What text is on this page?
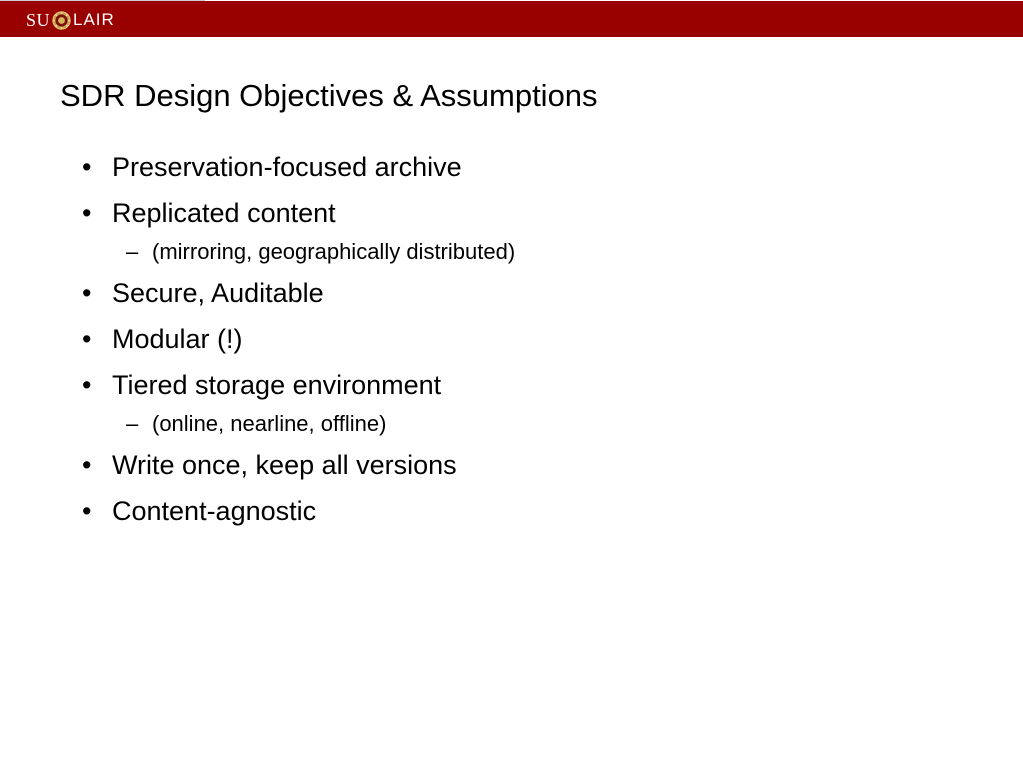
SU LAIR
SDR Design Objectives & Assumptions
• Preservation-focused archive
• Replicated content
– (mirroring, geographically distributed)
• Secure, Auditable
• Modular (!)
• Tiered storage environment
– (online, nearline, offline)
• Write once, keep all versions
• Content-agnostic
